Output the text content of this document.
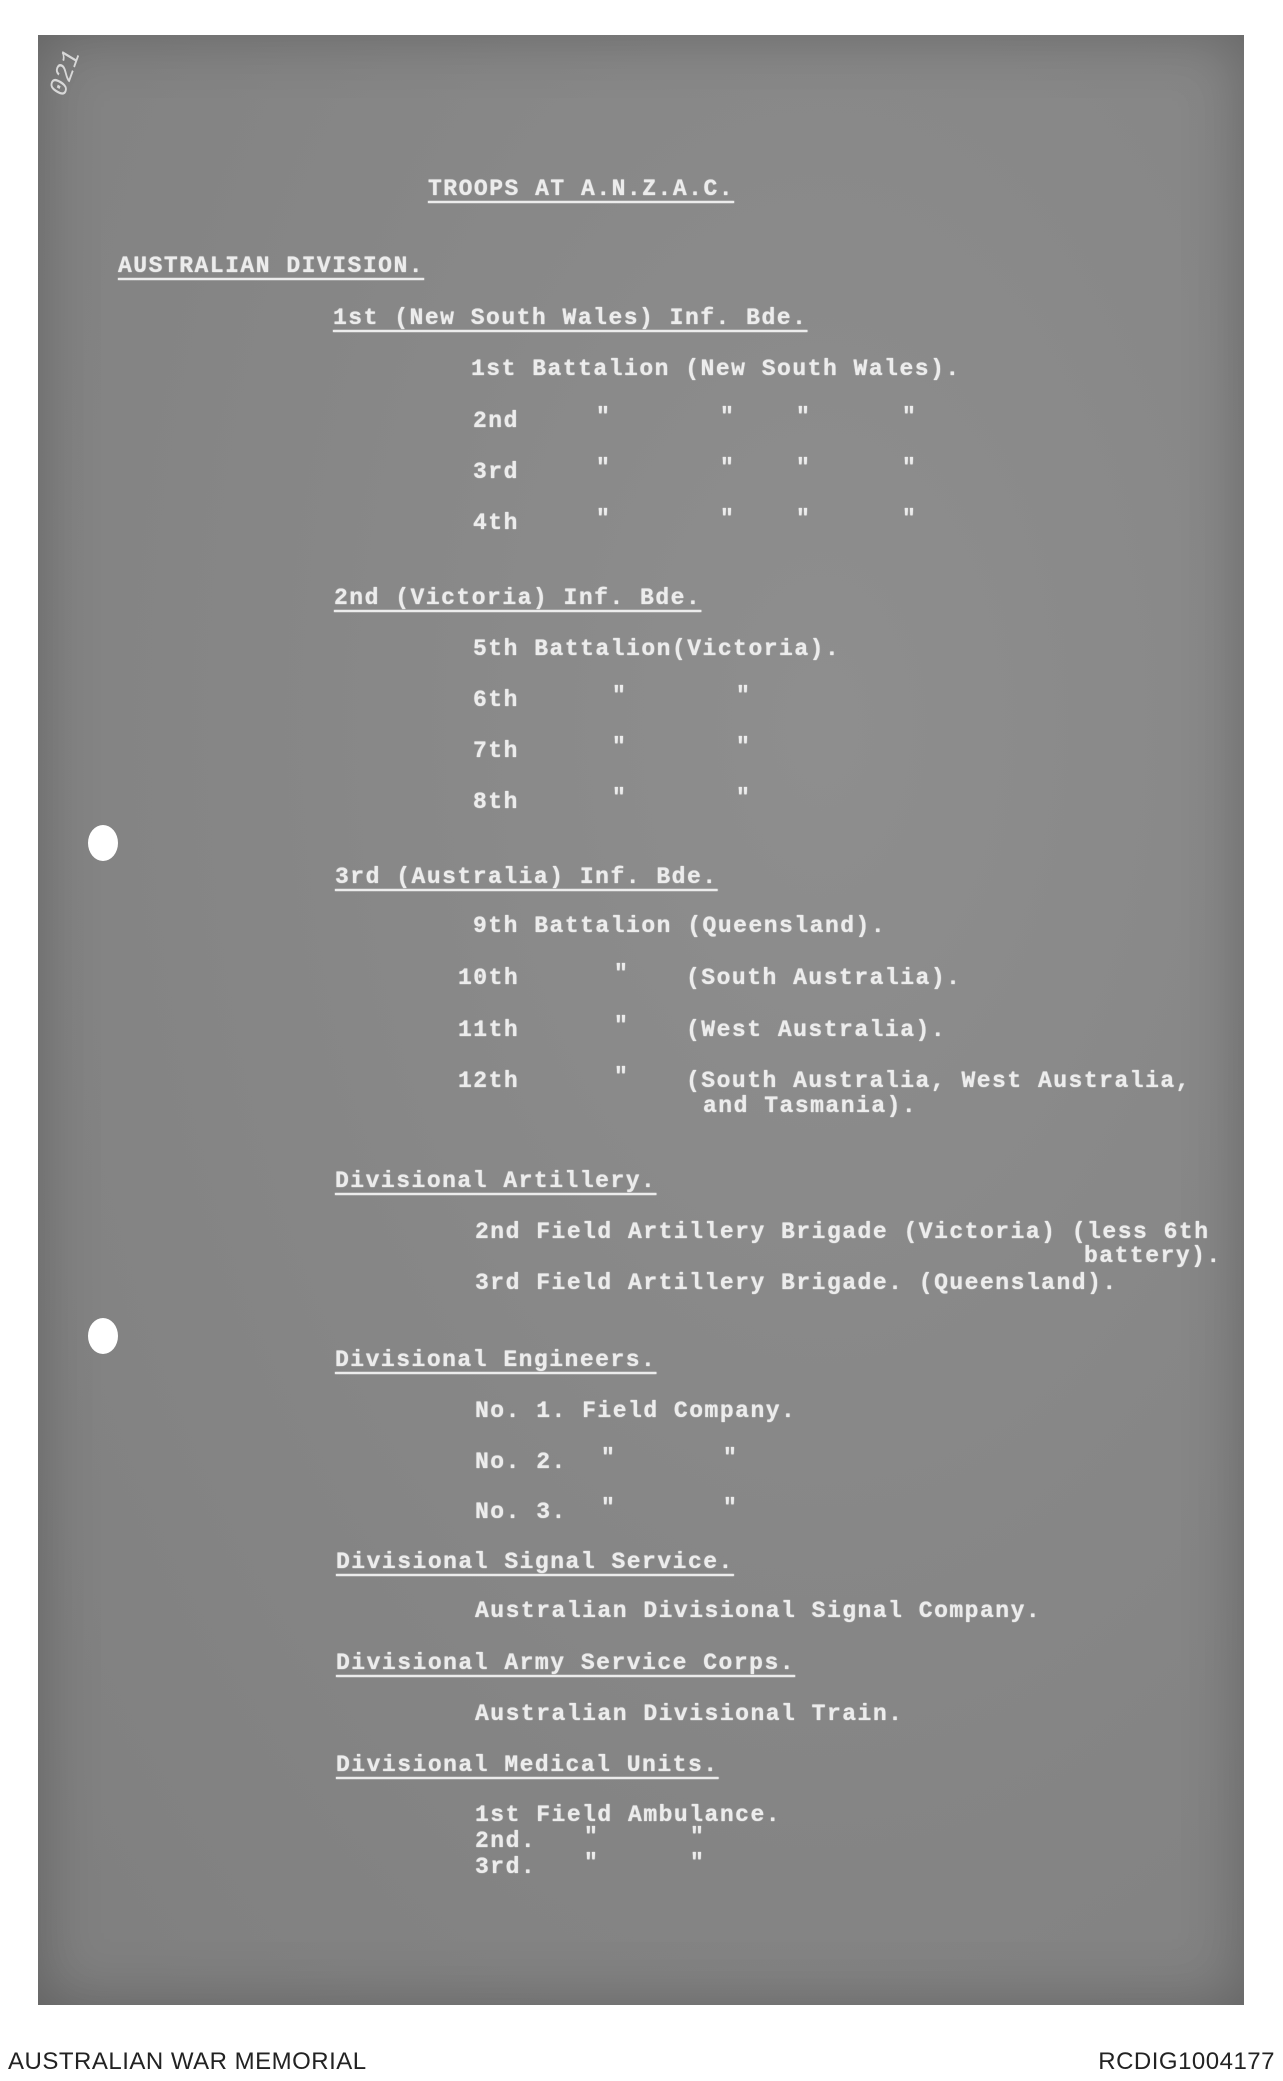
021
TROOPS AT A.N.Z.A.C.
AUSTRALIAN DIVISION.
1st (New South Wales) Inf. Bde.
1st Battalion (New South Wales).
2nd	"	"	"	"
3rd	"	"	"	"
4th	"	"	"	"
2nd (Victoria) Inf. Bde.
5th Battalion(Victoria).
6th	"	"
7th	"	"
8th	"	"
3rd (Australia) Inf. Bde.
9th Battalion (Queensland).
10th	" (South Australia).
11th	" (West Australia).
12th	" (South Australia, West Australia,
and Tasmania).
Divisional Artillery.
2nd Field Artillery Brigade (Victoria) (less 6th
battery).
3rd Field Artillery Brigade. (Queensland).
Divisional Engineers.
No. 1. Field Company.
No. 2. "	"
No. 3. "	"
Divisional Signal Service.
Australian Divisional Signal Company.
Divisional Army Service Corps.
Australian Divisional Train.
Divisional Medical Units.
1st Field Ambulance.
2nd. "	"
3rd. "	"
AUSTRALIAN WAR MEMORIAL	RCDIG1004177
